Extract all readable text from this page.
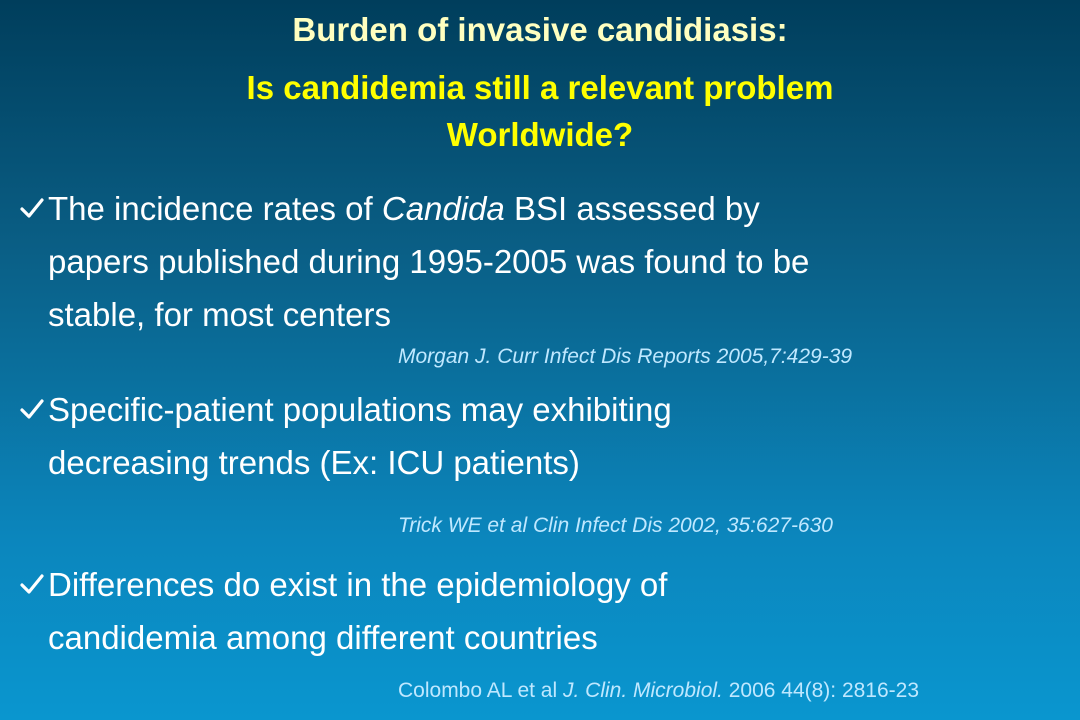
Burden of invasive candidiasis:
Is candidemia still a relevant problem
Worldwide?
The incidence rates of Candida BSI assessed by
papers published during 1995-2005 was found to be
stable, for most centers
Morgan J. Curr Infect Dis Reports 2005,7:429-39
Specific-patient populations may exhibiting
decreasing trends (Ex: ICU patients)
Trick WE et al Clin Infect Dis 2002, 35:627-630
Differences do exist in the epidemiology of
candidemia among different countries
Colombo AL et al J. Clin. Microbiol. 2006 44(8): 2816-23
